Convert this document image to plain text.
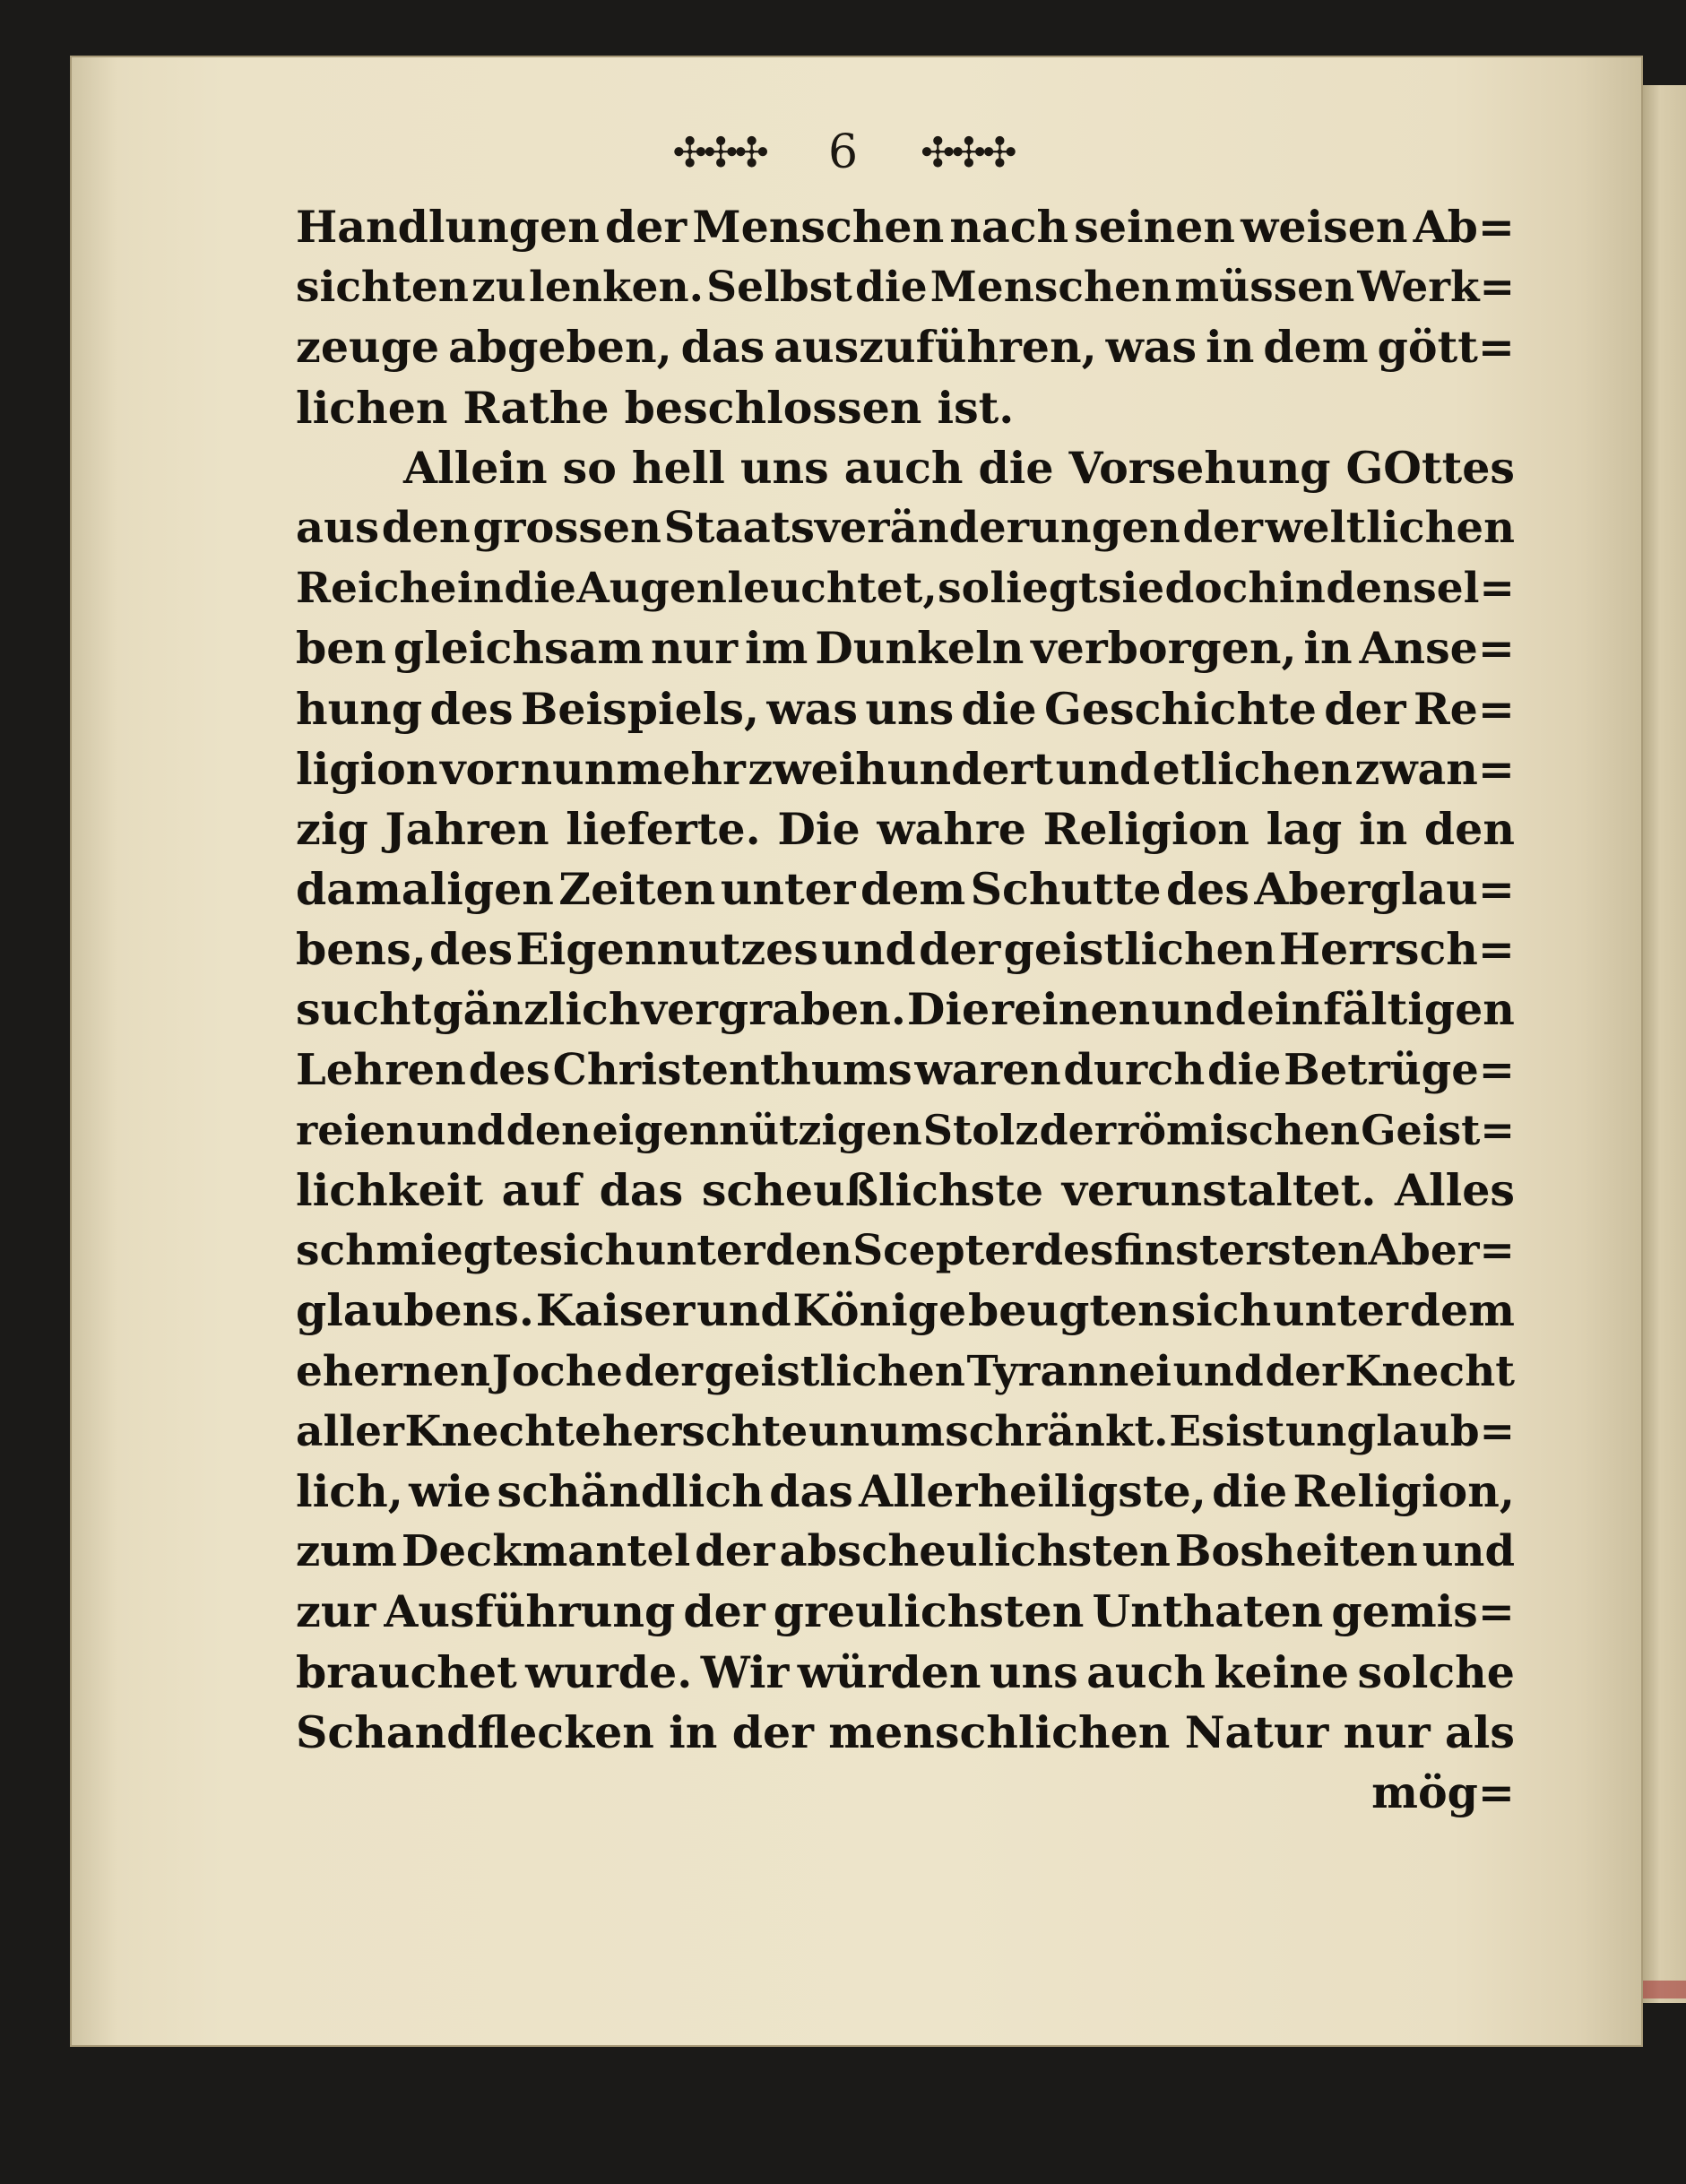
✣✣✣ 6 ✣✣✣
Handlungen der Menschen nach seinen weisen Ab=
sichten zu lenken. Selbst die Menschen müssen Werk=
zeuge abgeben, das auszuführen, was in dem gött=
lichen Rathe beschlossen ist.
Allein so hell uns auch die Vorsehung GOttes
aus den grossen Staatsveränderungen der weltlichen
Reiche in die Augen leuchtet, so liegt sie doch in densel=
ben gleichsam nur im Dunkeln verborgen, in Anse=
hung des Beispiels, was uns die Geschichte der Re=
ligion vor nunmehr zweihundert und etlichen zwan=
zig Jahren lieferte. Die wahre Religion lag in den
damaligen Zeiten unter dem Schutte des Aberglau=
bens, des Eigennutzes und der geistlichen Herrsch=
sucht gänzlich vergraben. Die reinen und einfältigen
Lehren des Christenthums waren durch die Betrüge=
reien und den eigennützigen Stolz der römischen Geist=
lichkeit auf das scheußlichste verunstaltet. Alles
schmiegte sich unter den Scepter des finstersten Aber=
glaubens. Kaiser und Könige beugten sich unter dem
ehernen Joche der geistlichen Tyrannei und der Knecht
aller Knechte herschte unumschränkt. Es ist unglaub=
lich, wie schändlich das Allerheiligste, die Religion,
zum Deckmantel der abscheulichsten Bosheiten und
zur Ausführung der greulichsten Unthaten gemis=
brauchet wurde. Wir würden uns auch keine solche
Schandflecken in der menschlichen Natur nur als
mög=
